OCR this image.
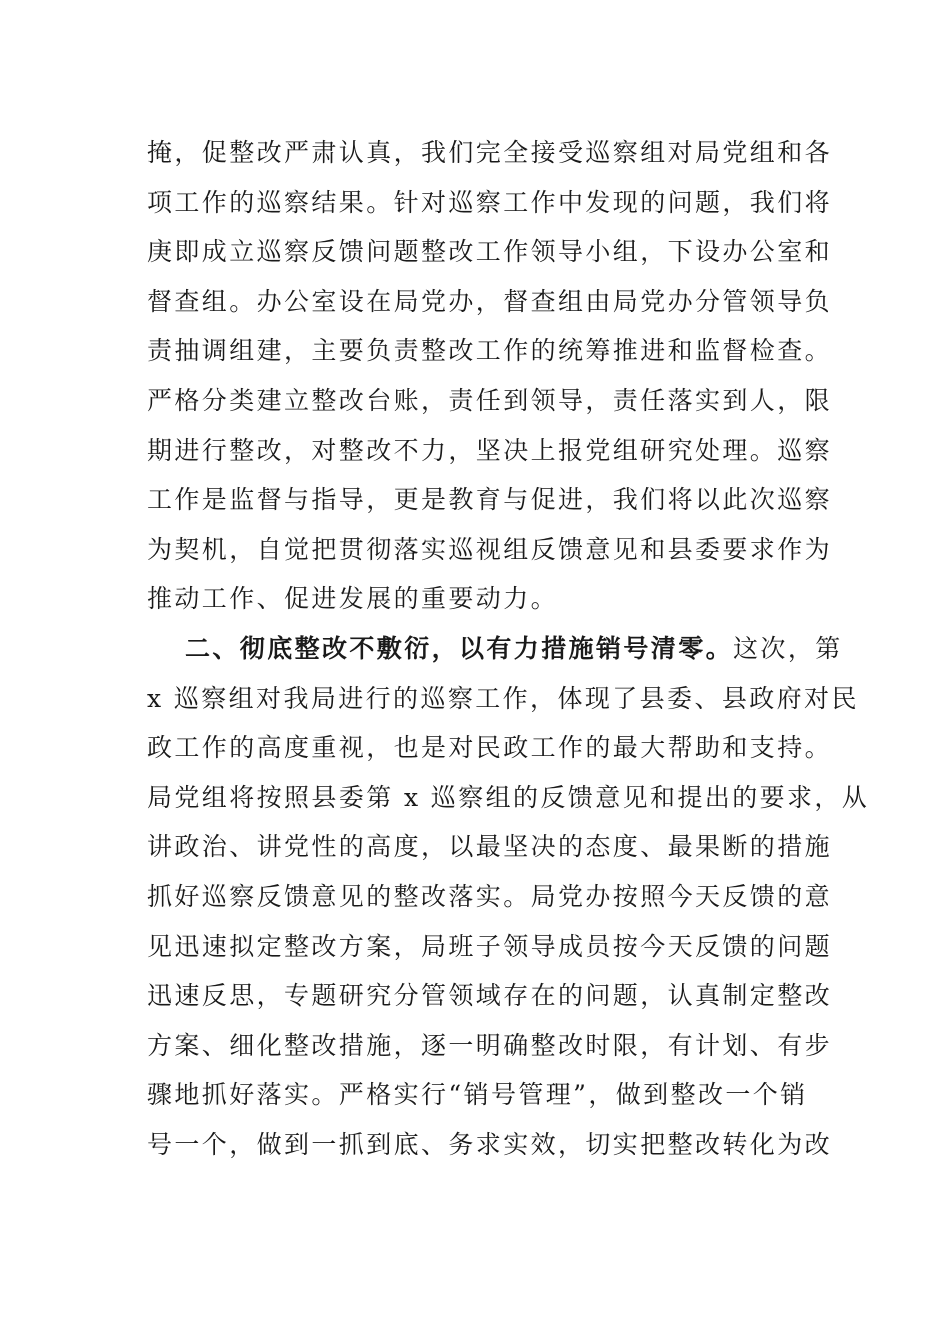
掩，促整改严肃认真，我们完全接受巡察组对局党组和各
项工作的巡察结果。针对巡察工作中发现的问题，我们将
庚即成立巡察反馈问题整改工作领导小组，下设办公室和
督查组。办公室设在局党办，督查组由局党办分管领导负
责抽调组建，主要负责整改工作的统筹推进和监督检查。
严格分类建立整改台账，责任到领导，责任落实到人，限
期进行整改，对整改不力，坚决上报党组研究处理。巡察
工作是监督与指导，更是教育与促进，我们将以此次巡察
为契机，自觉把贯彻落实巡视组反馈意见和县委要求作为
推动工作、促进发展的重要动力。
二、彻底整改不敷衍，以有力措施销号清零。这次，第
x 巡察组对我局进行的巡察工作，体现了县委、县政府对民
政工作的高度重视，也是对民政工作的最大帮助和支持。
局党组将按照县委第 x 巡察组的反馈意见和提出的要求，从
讲政治、讲党性的高度，以最坚决的态度、最果断的措施
抓好巡察反馈意见的整改落实。局党办按照今天反馈的意
见迅速拟定整改方案，局班子领导成员按今天反馈的问题
迅速反思，专题研究分管领域存在的问题，认真制定整改
方案、细化整改措施，逐一明确整改时限，有计划、有步
骤地抓好落实。严格实行“销号管理”，做到整改一个销
号一个，做到一抓到底、务求实效，切实把整改转化为改
